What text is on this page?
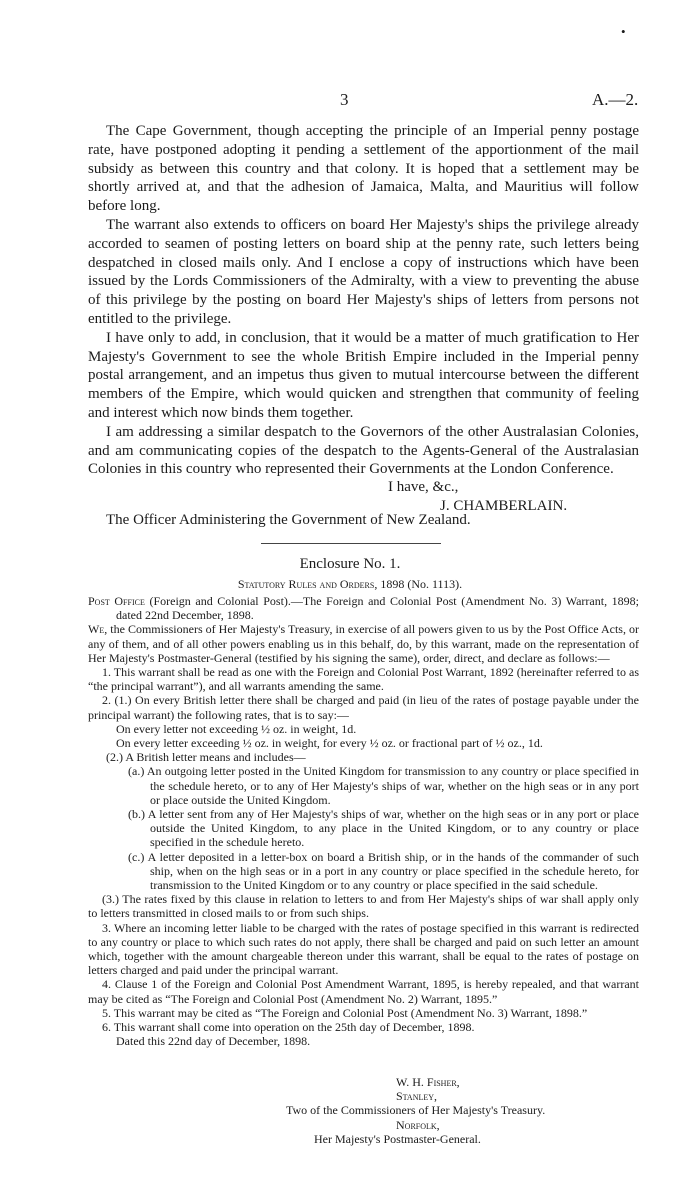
•
3	A.—2.

The Cape Government, though accepting the principle of an Imperial penny postage rate, have postponed adopting it pending a settlement of the apportionment of the mail subsidy as between this country and that colony. It is hoped that a settlement may be shortly arrived at, and that the adhesion of Jamaica, Malta, and Mauritius will follow before long.

The warrant also extends to officers on board Her Majesty's ships the privilege already accorded to seamen of posting letters on board ship at the penny rate, such letters being despatched in closed mails only. And I enclose a copy of instructions which have been issued by the Lords Commissioners of the Admiralty, with a view to preventing the abuse of this privilege by the posting on board Her Majesty's ships of letters from persons not entitled to the privilege.

I have only to add, in conclusion, that it would be a matter of much gratification to Her Majesty's Government to see the whole British Empire included in the Imperial penny postal arrangement, and an impetus thus given to mutual intercourse between the different members of the Empire, which would quicken and strengthen that community of feeling and interest which now binds them together.

I am addressing a similar despatch to the Governors of the other Australasian Colonies, and am communicating copies of the despatch to the Agents-General of the Australasian Colonies in this country who represented their Governments at the London Conference.

I have, &c.,
J. CHAMBERLAIN.
The Officer Administering the Government of New Zealand.
Enclosure No. 1.
Statutory Rules and Orders, 1898 (No. 1113).

Post Office (Foreign and Colonial Post).—The Foreign and Colonial Post (Amendment No. 3) Warrant, 1898; dated 22nd December, 1898.

We, the Commissioners of Her Majesty's Treasury, in exercise of all powers given to us by the Post Office Acts, or any of them, and of all other powers enabling us in this behalf, do, by this warrant, made on the representation of Her Majesty's Postmaster-General (testified by his signing the same), order, direct, and declare as follows:—

1. This warrant shall be read as one with the Foreign and Colonial Post Warrant, 1892 (hereinafter referred to as “the principal warrant”), and all warrants amending the same.

2. (1.) On every British letter there shall be charged and paid (in lieu of the rates of postage payable under the principal warrant) the following rates, that is to say:—

On every letter not exceeding ½ oz. in weight, 1d.

On every letter exceeding ½ oz. in weight, for every ½ oz. or fractional part of ½ oz., 1d.

(2.) A British letter means and includes—

(a.) An outgoing letter posted in the United Kingdom for transmission to any country or place specified in the schedule hereto, or to any of Her Majesty's ships of war, whether on the high seas or in any port or place outside the United Kingdom.

(b.) A letter sent from any of Her Majesty's ships of war, whether on the high seas or in any port or place outside the United Kingdom, to any place in the United Kingdom, or to any country or place specified in the schedule hereto.

(c.) A letter deposited in a letter-box on board a British ship, or in the hands of the commander of such ship, when on the high seas or in a port in any country or place specified in the schedule hereto, for transmission to the United Kingdom or to any country or place specified in the said schedule.

(3.) The rates fixed by this clause in relation to letters to and from Her Majesty's ships of war shall apply only to letters transmitted in closed mails to or from such ships.

3. Where an incoming letter liable to be charged with the rates of postage specified in this warrant is redirected to any country or place to which such rates do not apply, there shall be charged and paid on such letter an amount which, together with the amount chargeable thereon under this warrant, shall be equal to the rates of postage on letters charged and paid under the principal warrant.

4. Clause 1 of the Foreign and Colonial Post Amendment Warrant, 1895, is hereby repealed, and that warrant may be cited as “The Foreign and Colonial Post (Amendment No. 2) Warrant, 1895.”

5. This warrant may be cited as “The Foreign and Colonial Post (Amendment No. 3) Warrant, 1898.”

6. This warrant shall come into operation on the 25th day of December, 1898.

Dated this 22nd day of December, 1898.

W. H. Fisher,
Stanley,
Two of the Commissioners of Her Majesty's Treasury.
Norfolk,
Her Majesty's Postmaster-General.
